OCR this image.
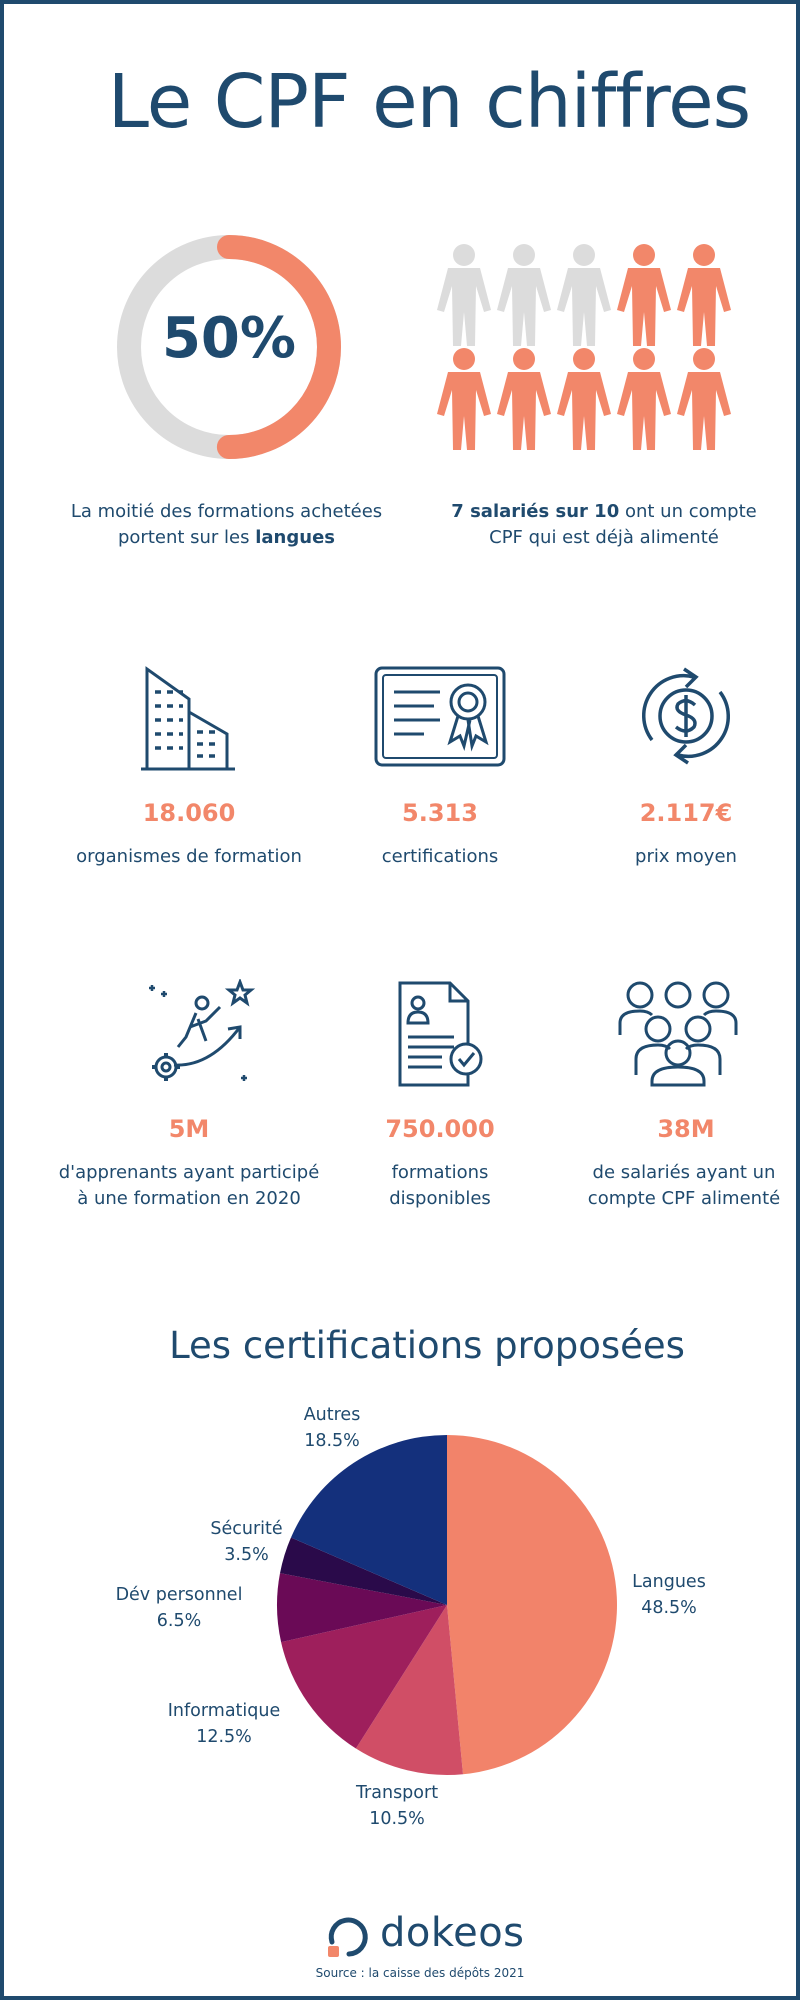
Le CPF en chiffres
50%
La moitié des formations achetées
portent sur les langues
7 salariés sur 10 ont un compte
CPF qui est déjà alimenté
18.060	5.313	2.117€
organismes de formation	certifications	prix moyen
5M	750.000	38M
d'apprenants ayant participé
à une formation en 2020
formations
disponibles
de salariés ayant un
compte CPF alimenté
Les certifications proposées
Langues
48.5%
Transport
10.5%
Informatique
12.5%
Dév personnel
6.5%
Sécurité
3.5%
Autres
18.5%
dokeos
Source : la caisse des dépôts 2021
